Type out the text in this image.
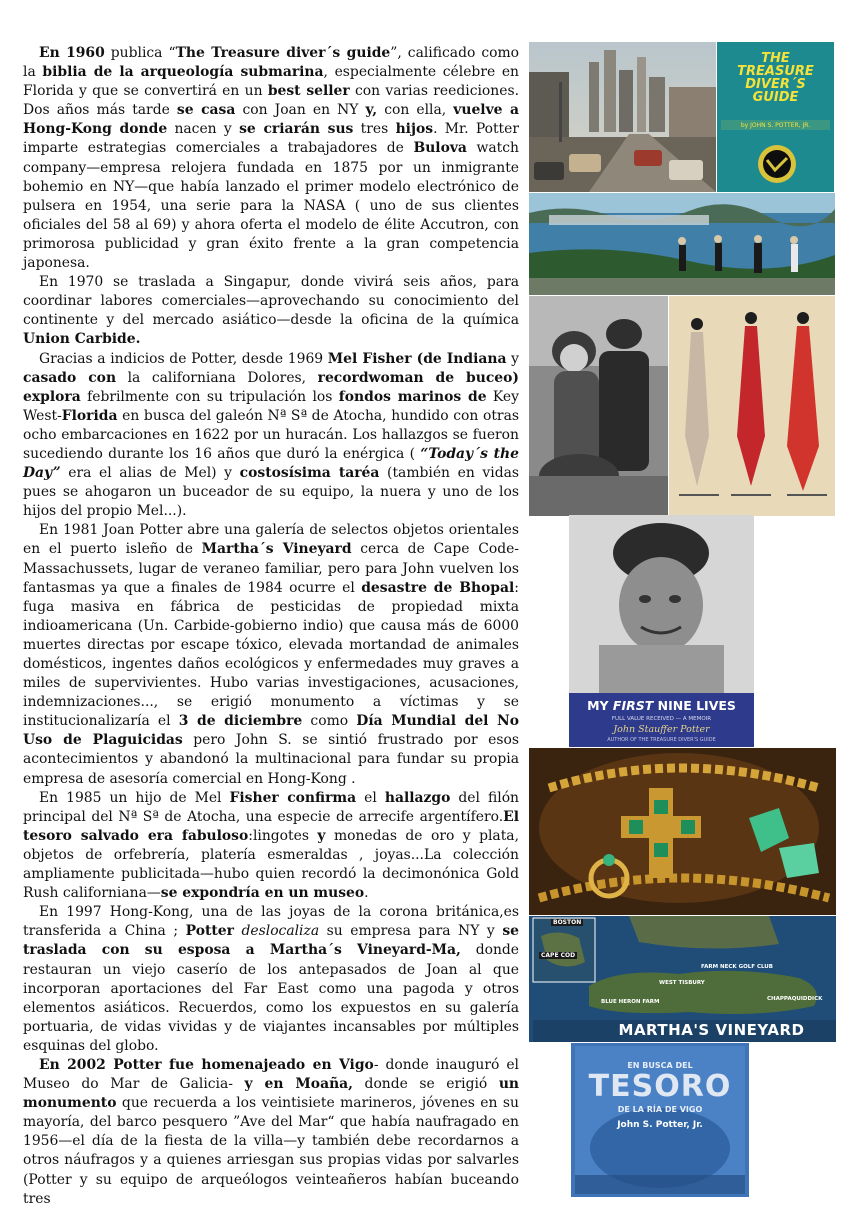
En 1960 publica “The Treasure diver´s guide”, calificado como la biblia de la arqueología submarina, especialmente célebre en Florida y que se convertirá en un best seller con varias reediciones. Dos años más tarde se casa con Joan en NY y, con ella, vuelve a Hong-Kong donde nacen y se criarán sus tres hijos. Mr. Potter imparte estrategias comerciales a trabajadores de Bulova watch company—empresa relojera fundada en 1875 por un inmigrante bohemio en NY—que había lanzado el primer modelo electrónico de pulsera en 1954, una serie para la NASA ( uno de sus clientes oficiales del 58 al 69) y ahora oferta el modelo de élite Accutron, con primorosa publicidad y gran éxito frente a la gran competencia japonesa.

En 1970 se traslada a Singapur, donde vivirá seis años, para coordinar labores comerciales—aprovechando su conocimiento del continente y del mercado asiático—desde la oficina de la química Union Carbide.

Gracias a indicios de Potter, desde 1969 Mel Fisher (de Indiana y casado con la californiana Dolores, recordwoman de buceo) explora febrilmente con su tripulación los fondos marinos de Key West-Florida en busca del galeón Nª Sª de Atocha, hundido con otras ocho embarcaciones en 1622 por un huracán. Los hallazgos se fueron sucediendo durante los 16 años que duró la enérgica ( “Today´s the Day” era el alias de Mel) y costosísima taréa (también en vidas pues se ahogaron un buceador de su equipo, la nuera y uno de los hijos del propio Mel...).

En 1981 Joan Potter abre una galería de selectos objetos orientales en el puerto isleño de Martha´s Vineyard cerca de Cape Code-Massachussets, lugar de veraneo familiar, pero para John vuelven los fantasmas ya que a finales de 1984 ocurre el desastre de Bhopal: fuga masiva en fábrica de pesticidas de propiedad mixta indioamericana (Un. Carbide-gobierno indio) que causa más de 6000 muertes directas por escape tóxico, elevada mortandad de animales domésticos, ingentes daños ecológicos y enfermedades muy graves a miles de supervivientes. Hubo varias investigaciones, acusaciones, indemnizaciones..., se erigió monumento a víctimas y se institucionalizaría el 3 de diciembre como Día Mundial del No Uso de Plaguicidas pero John S. se sintió frustrado por esos acontecimientos y abandonó la multinacional para fundar su propia empresa de asesoría comercial en Hong-Kong .

En 1985 un hijo de Mel Fisher confirma el hallazgo del filón principal del Nª Sª de Atocha, una especie de arrecife argentífero.El tesoro salvado era fabuloso:lingotes y monedas de oro y plata, objetos de orfebrería, platería esmeraldas , joyas...La colección ampliamente publicitada—hubo quien recordó la decimonónica Gold Rush californiana—se expondría en un museo.

En 1997 Hong-Kong, una de las joyas de la corona británica,es transferida a China ; Potter deslocaliza su empresa para NY y se traslada con su esposa a Martha´s Vineyard-Ma, donde restauran un viejo caserío de los antepasados de Joan al que incorporan aportaciones del Far East como una pagoda y otros elementos asiáticos. Recuerdos, como los expuestos en su galería portuaria, de vidas vividas y de viajantes incansables por múltiples esquinas del globo.

En 2002 Potter fue homenajeado en Vigo- donde inauguró el Museo do Mar de Galicia- y en Moaña, donde se erigió un monumento que recuerda a los veintisiete marineros, jóvenes en su mayoría, del barco pesquero ”Ave del Mar“ que había naufragado en 1956—el día de la fiesta de la villa—y también debe recordarnos a otros náufragos y a quienes arriesgan sus propias vidas por salvarles (Potter y su equipo de arqueólogos veinteañeros habían buceando tres

THE
TREASURE
DIVER´S
GUIDE
by JOHN S. POTTER, JR.
MY FIRST NINE LIVES
FULL VALUE RECEIVED — A MEMOIR
John Stauffer Potter
AUTHOR OF THE TREASURE DIVER'S GUIDE
BOSTON
CAPE COD
FARM NECK GOLF CLUB
WEST TISBURY
BLUE HERON FARM	CHAPPAQUIDDICK
MARTHA'S VINEYARD
EN BUSCA DEL
TESORO
DE LA RÍA DE VIGO
John S. Potter, Jr.
